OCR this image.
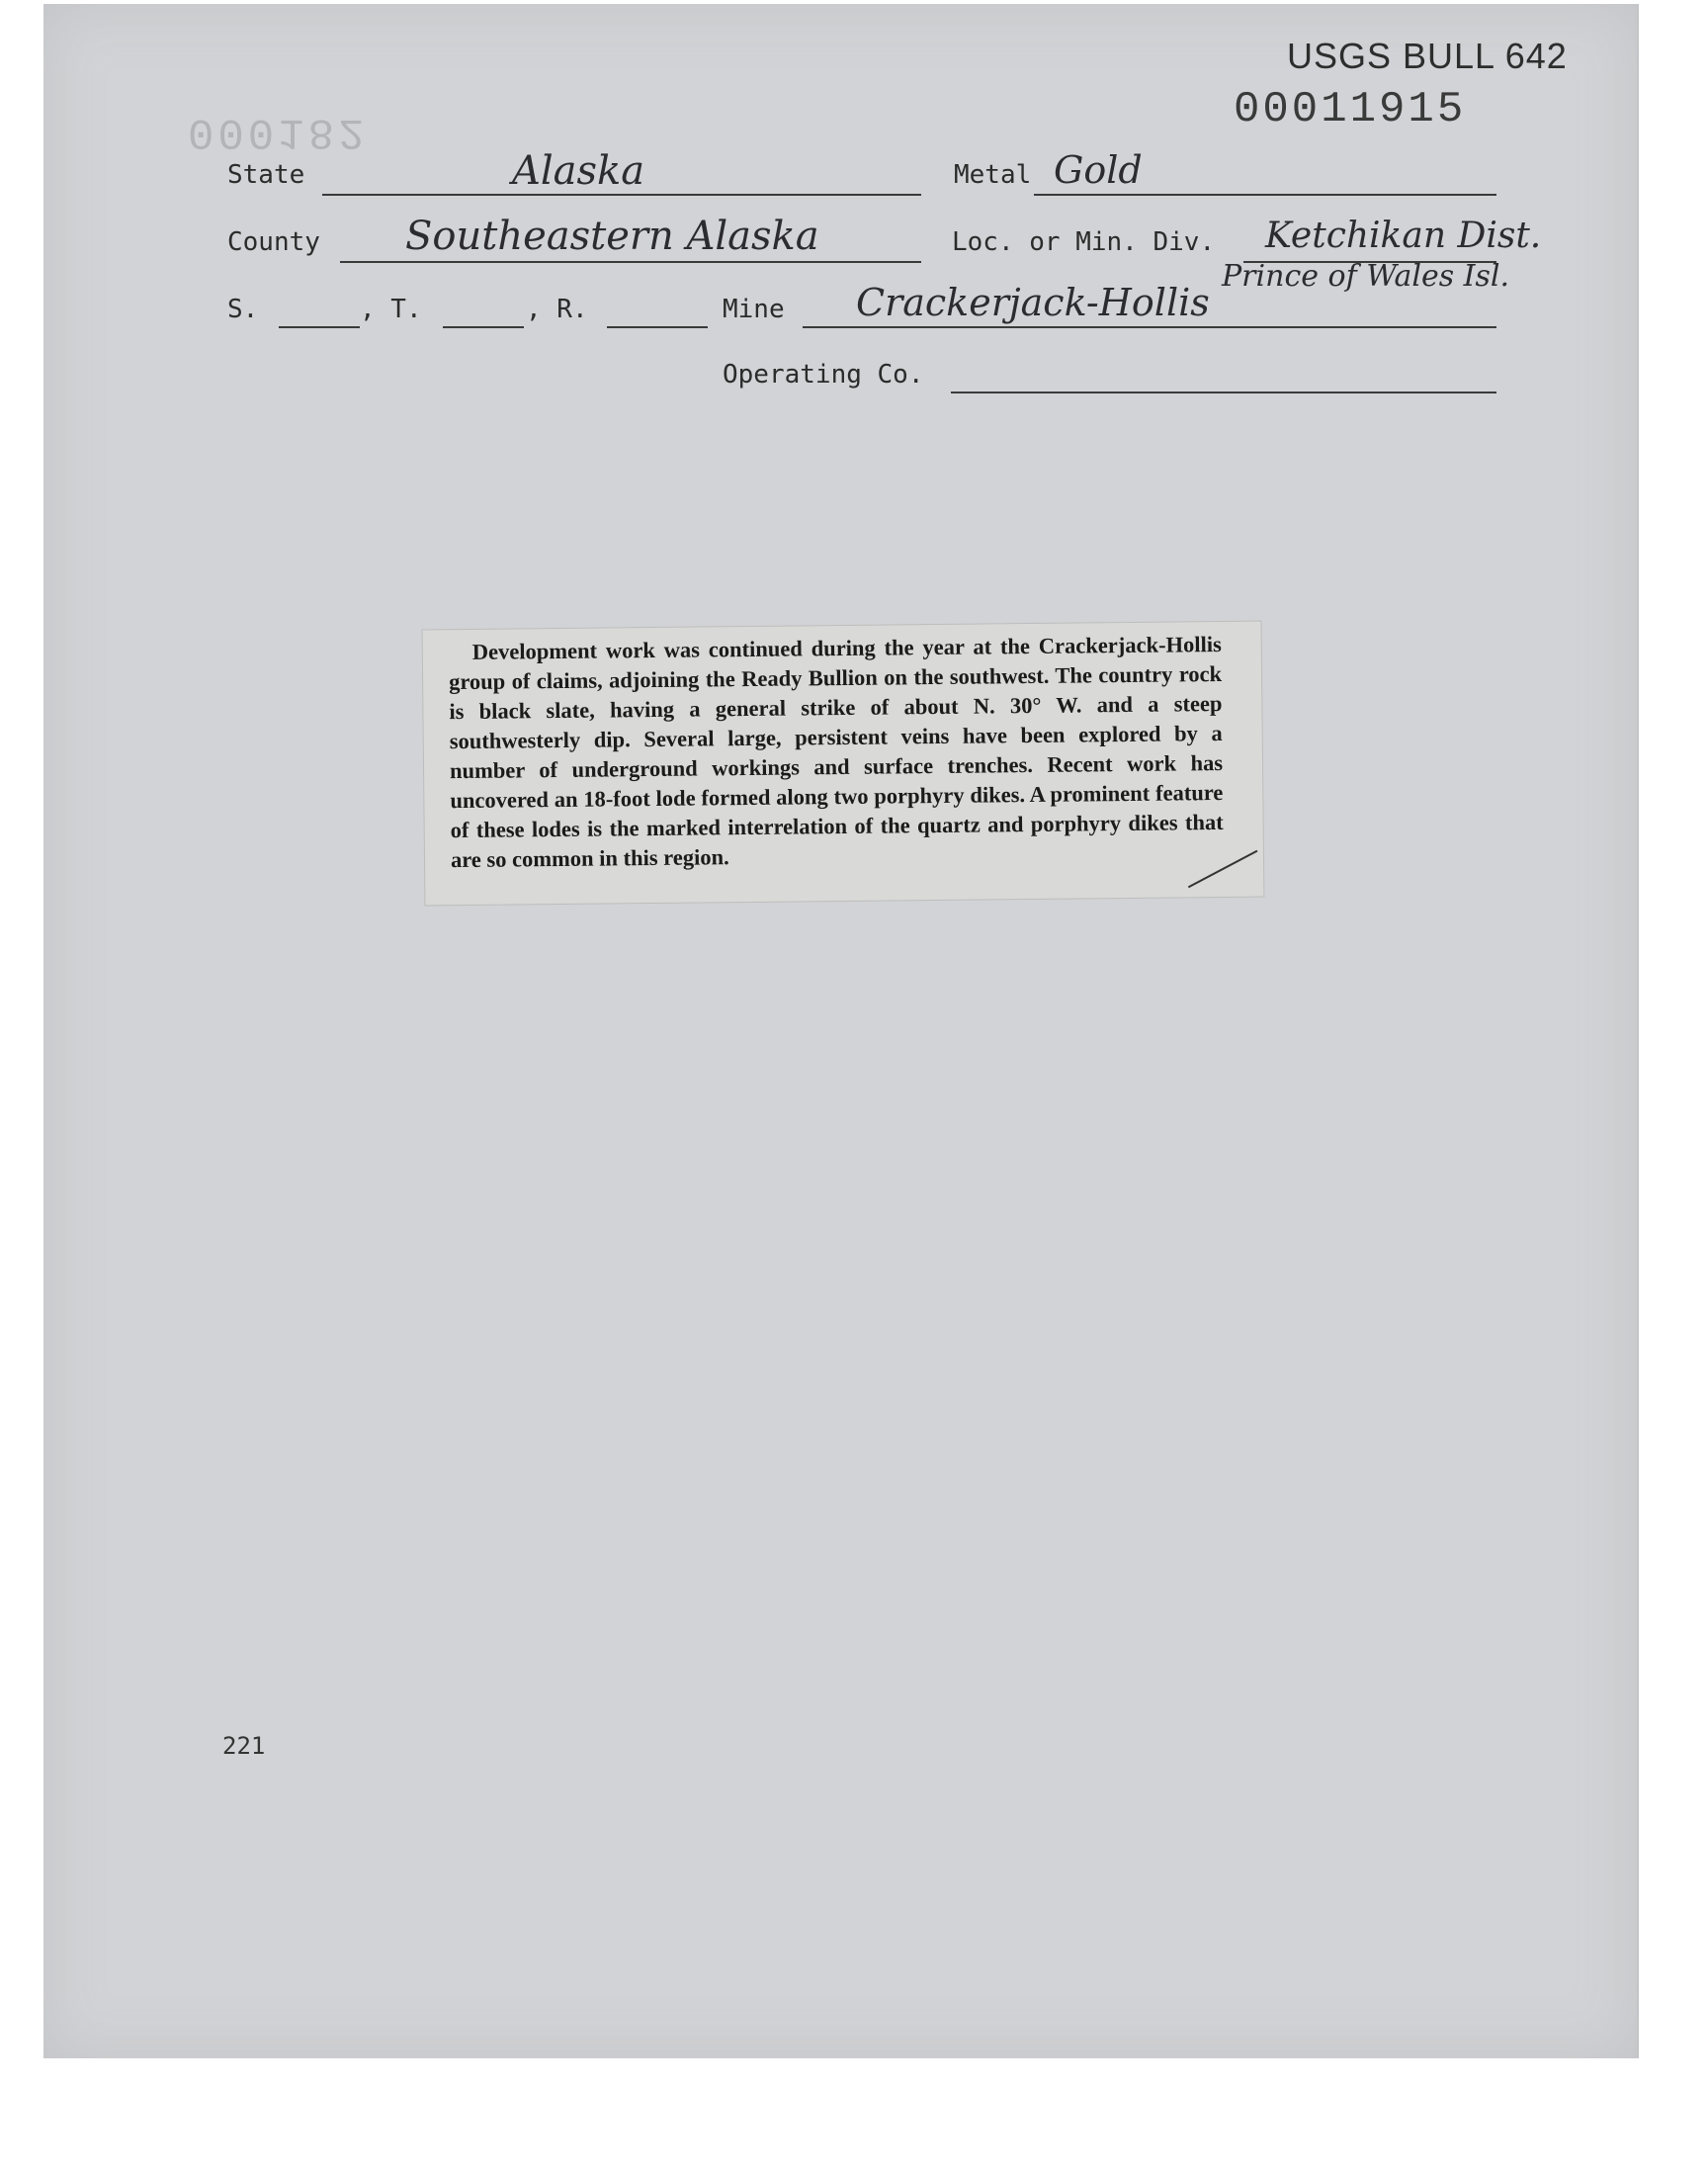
000182
USGS BULL 642
00011915
State	Alaska	Metal Gold
County Southeastern Alaska	Loc. or Min. Div. Ketchikan Dist.
Prince of Wales Isl.
S.	, T.	, R.	Mine Crackerjack-Hollis
Operating Co.

Development work was continued during the year at the Crackerjack-Hollis group of claims, adjoining the Ready Bullion on the southwest. The country rock is black slate, having a general strike of about N. 30° W. and a steep southwesterly dip. Several large, persistent veins have been explored by a number of underground workings and surface trenches. Recent work has uncovered an 18-foot lode formed along two porphyry dikes. A prominent feature of these lodes is the marked interrelation of the quartz and porphyry dikes that are so common in this region.

221
